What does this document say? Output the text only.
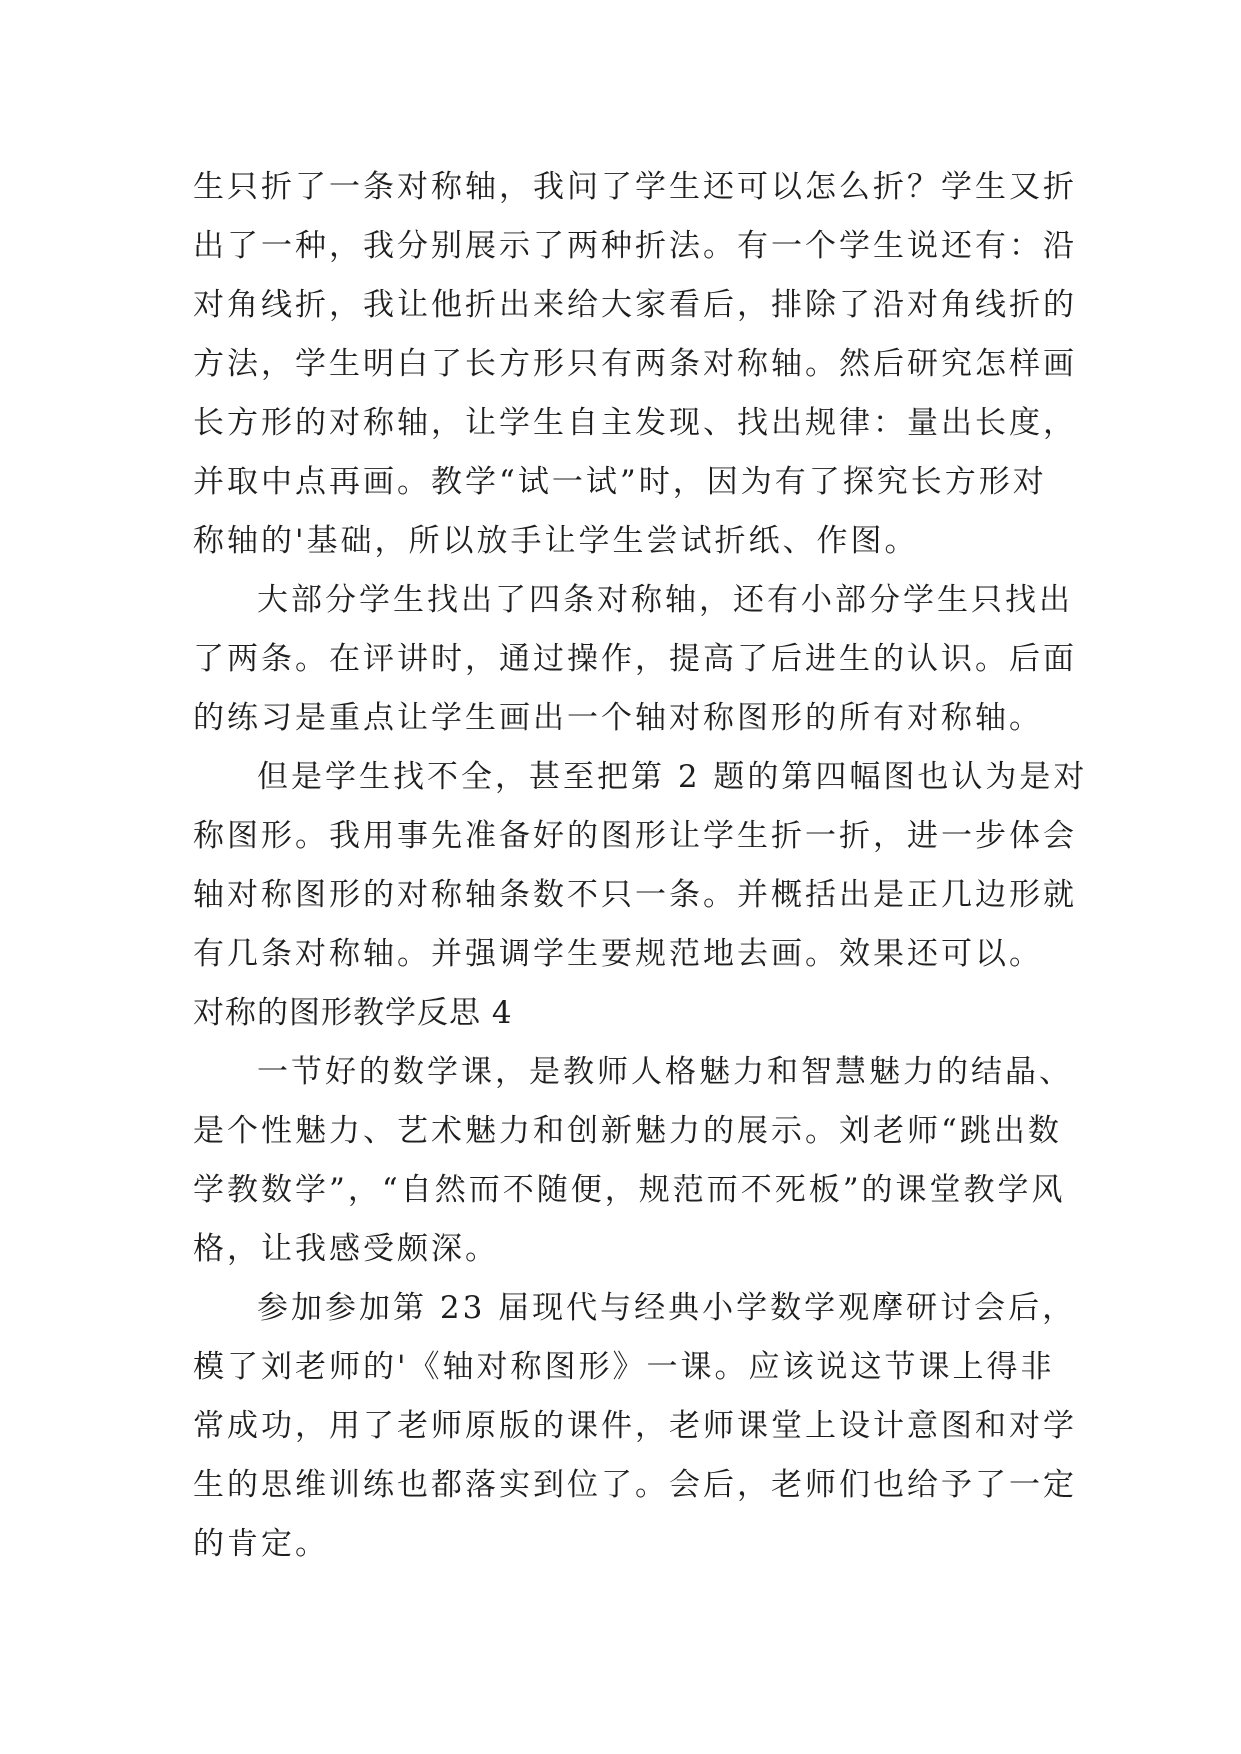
生只折了一条对称轴，我问了学生还可以怎么折？学生又折
出了一种，我分别展示了两种折法。有一个学生说还有：沿
对角线折，我让他折出来给大家看后，排除了沿对角线折的
方法，学生明白了长方形只有两条对称轴。然后研究怎样画
长方形的对称轴，让学生自主发现、找出规律：量出长度，
并取中点再画。教学“试一试”时，因为有了探究长方形对
称轴的'基础，所以放手让学生尝试折纸、作图。
大部分学生找出了四条对称轴，还有小部分学生只找出
了两条。在评讲时，通过操作，提高了后进生的认识。后面
的练习是重点让学生画出一个轴对称图形的所有对称轴。
但是学生找不全，甚至把第 2 题的第四幅图也认为是对
称图形。我用事先准备好的图形让学生折一折，进一步体会
轴对称图形的对称轴条数不只一条。并概括出是正几边形就
有几条对称轴。并强调学生要规范地去画。效果还可以。
对称的图形教学反思 4
一节好的数学课，是教师人格魅力和智慧魅力的结晶、
是个性魅力、艺术魅力和创新魅力的展示。刘老师“跳出数
学教数学”，“自然而不随便，规范而不死板”的课堂教学风
格，让我感受颇深。
参加参加第 23 届现代与经典小学数学观摩研讨会后，
模了刘老师的'《轴对称图形》一课。应该说这节课上得非
常成功，用了老师原版的课件，老师课堂上设计意图和对学
生的思维训练也都落实到位了。会后，老师们也给予了一定
的肯定。
